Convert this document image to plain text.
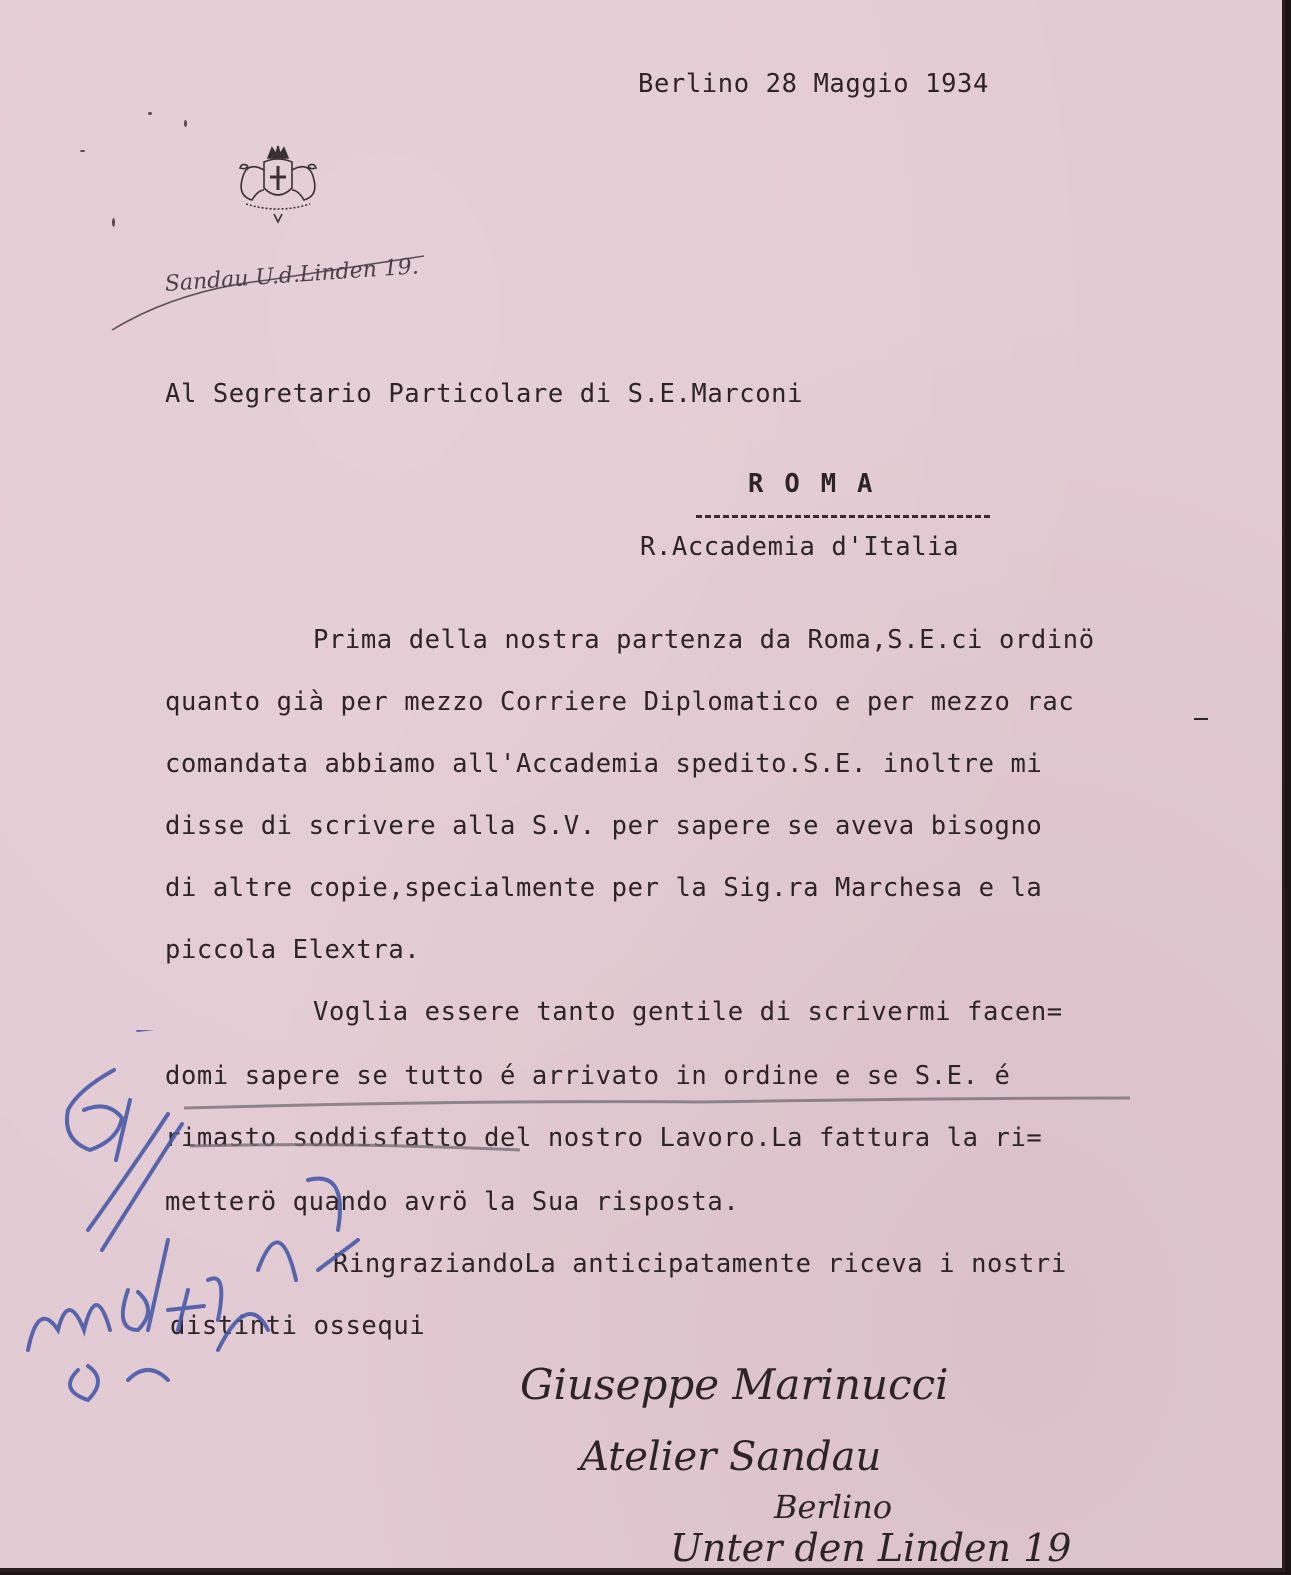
Berlino 28 Maggio 1934
Sandau U.d.Linden 19.
Al Segretario Particolare di S.E.Marconi
ROMA
R.Accademia d'Italia
Prima della nostra partenza da Roma,S.E.ci ordinö
quanto già per mezzo Corriere Diplomatico e per mezzo rac
comandata abbiamo all'Accademia spedito.S.E. inoltre mi
disse di scrivere alla S.V. per sapere se aveva bisogno
di altre copie,specialmente per la Sig.ra Marchesa e la
piccola Elextra.
Voglia essere tanto gentile di scrivermi facen=
domi sapere se tutto é arrivato in ordine e se S.E. é
rimasto soddisfatto del nostro Lavoro.La fattura la ri=
metterö quando avrö la Sua risposta.
RingraziandoLa anticipatamente riceva i nostri
distinti ossequi
Giuseppe Marinucci
Atelier Sandau
Berlino
Unter den Linden 19
